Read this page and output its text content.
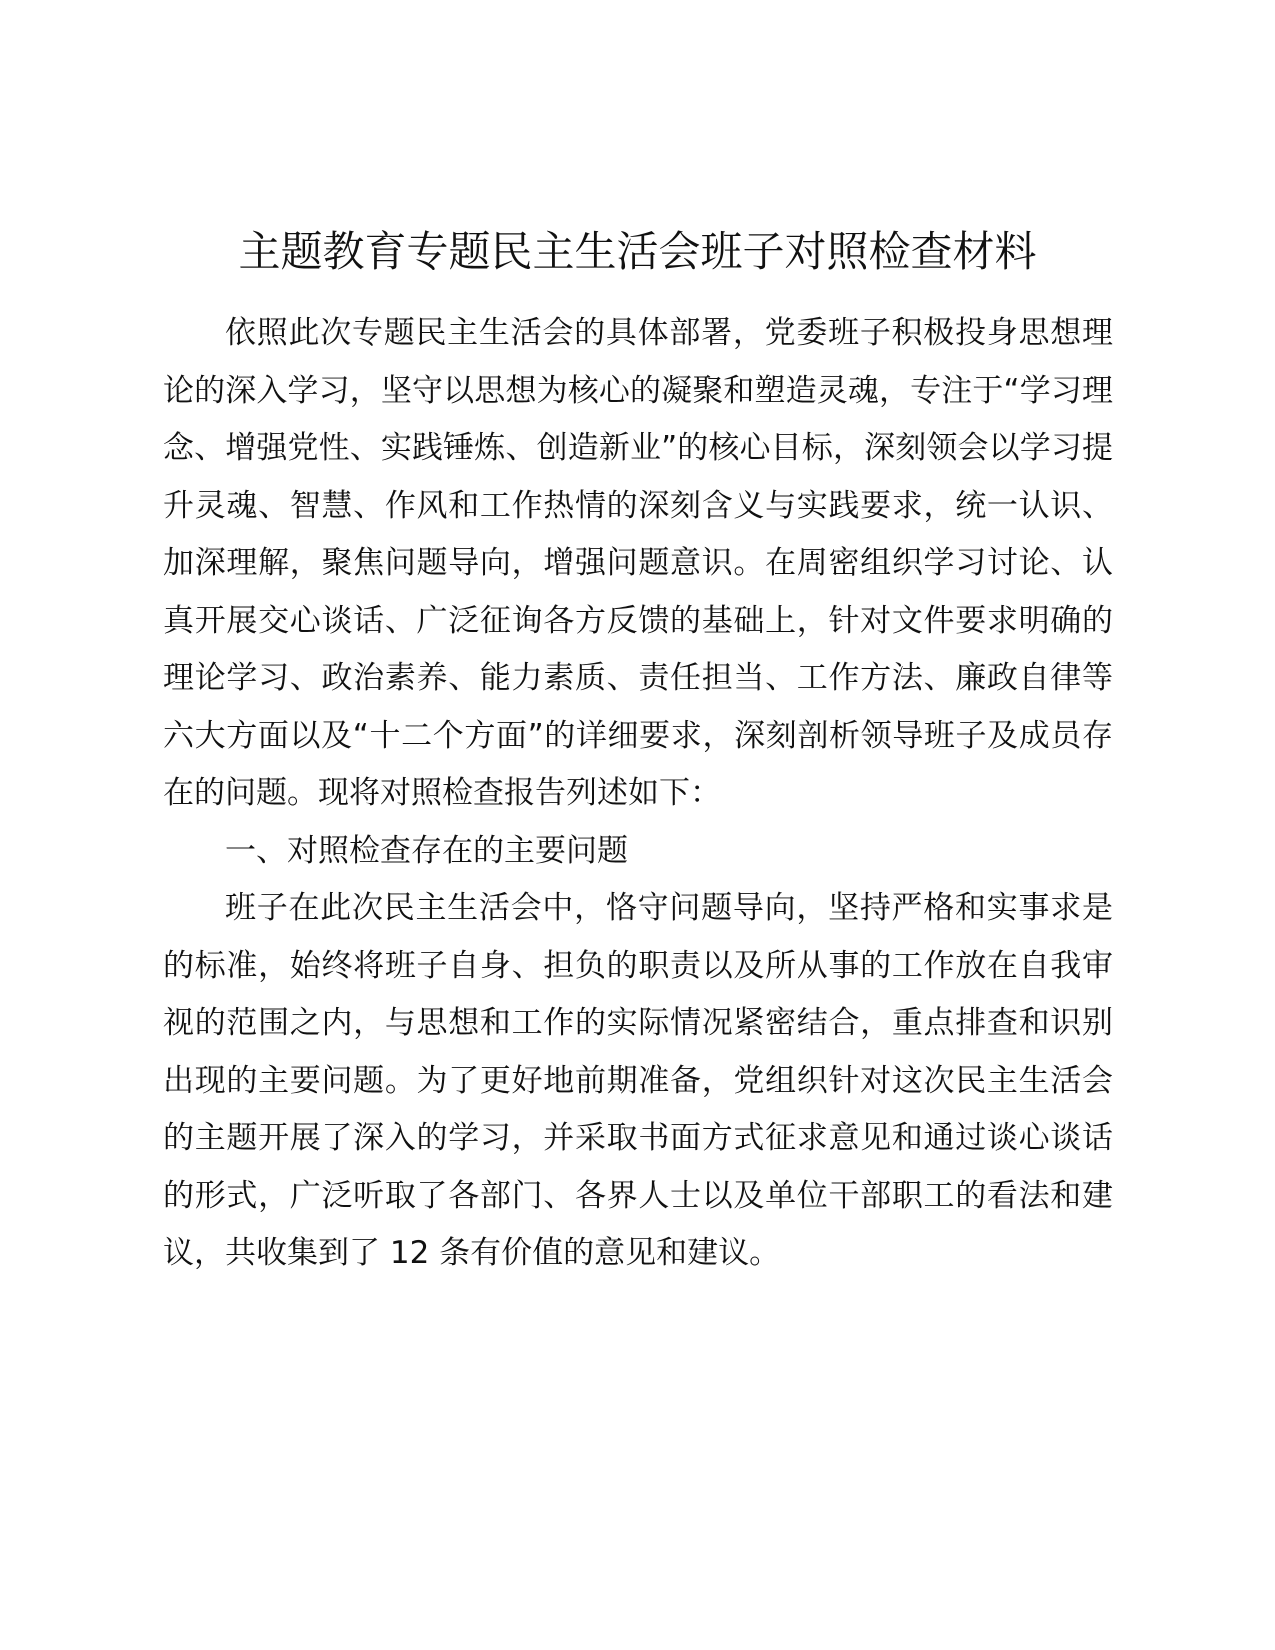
主题教育专题民主生活会班子对照检查材料

依照此次专题民主生活会的具体部署，党委班子积极投身思想理论的深入学习，坚守以思想为核心的凝聚和塑造灵魂，专注于“学习理念、增强党性、实践锤炼、创造新业”的核心目标，深刻领会以学习提升灵魂、智慧、作风和工作热情的深刻含义与实践要求，统一认识、加深理解，聚焦问题导向，增强问题意识。在周密组织学习讨论、认真开展交心谈话、广泛征询各方反馈的基础上，针对文件要求明确的理论学习、政治素养、能力素质、责任担当、工作方法、廉政自律等六大方面以及“十二个方面”的详细要求，深刻剖析领导班子及成员存在的问题。现将对照检查报告列述如下：

一、对照检查存在的主要问题

班子在此次民主生活会中，恪守问题导向，坚持严格和实事求是的标准，始终将班子自身、担负的职责以及所从事的工作放在自我审视的范围之内，与思想和工作的实际情况紧密结合，重点排查和识别出现的主要问题。为了更好地前期准备，党组织针对这次民主生活会的主题开展了深入的学习，并采取书面方式征求意见和通过谈心谈话的形式，广泛听取了各部门、各界人士以及单位干部职工的看法和建议，共收集到了 12 条有价值的意见和建议。
